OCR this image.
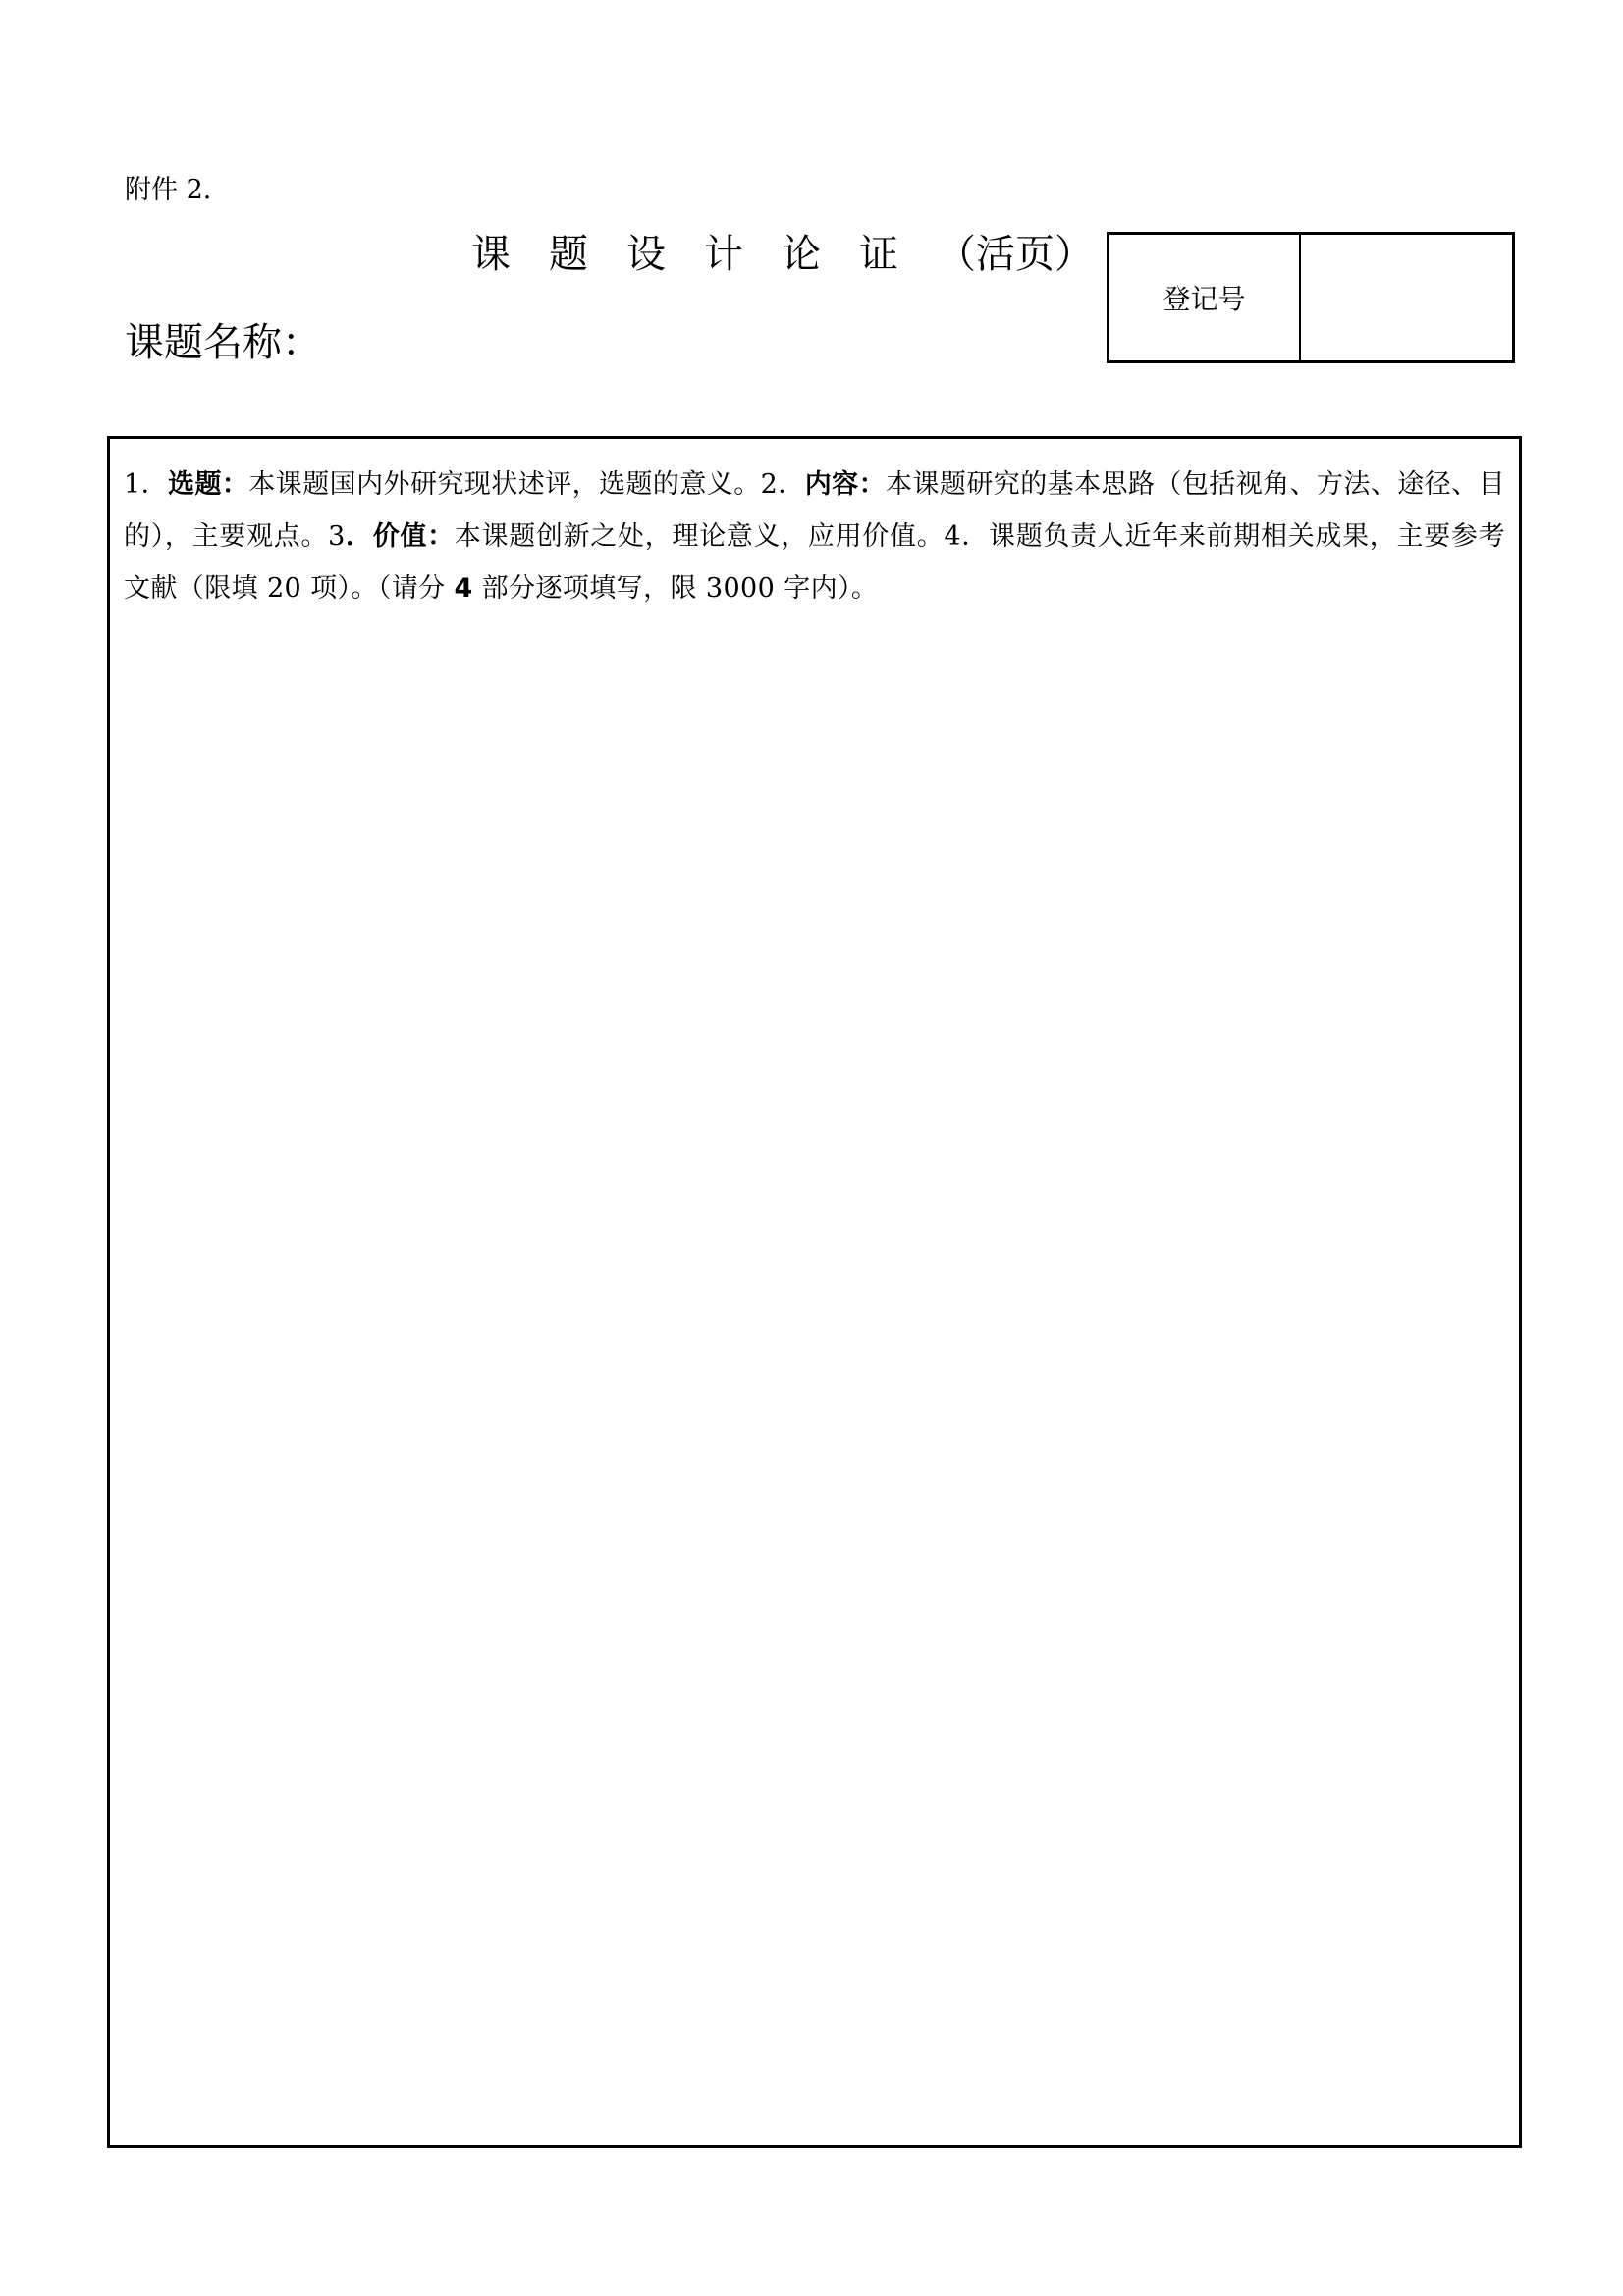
附件 2.
课 题 设 计 论 证 （活页）
课题名称：
登记号
1．选题：本课题国内外研究现状述评，选题的意义。2．内容：本课题研究的基本思路（包括视角、方法、途径、目的），主要观点。3．价值：本课题创新之处，理论意义，应用价值。4．课题负责人近年来前期相关成果，主要参考文献（限填 20 项）。（请分 4 部分逐项填写，限 3000 字内）。
